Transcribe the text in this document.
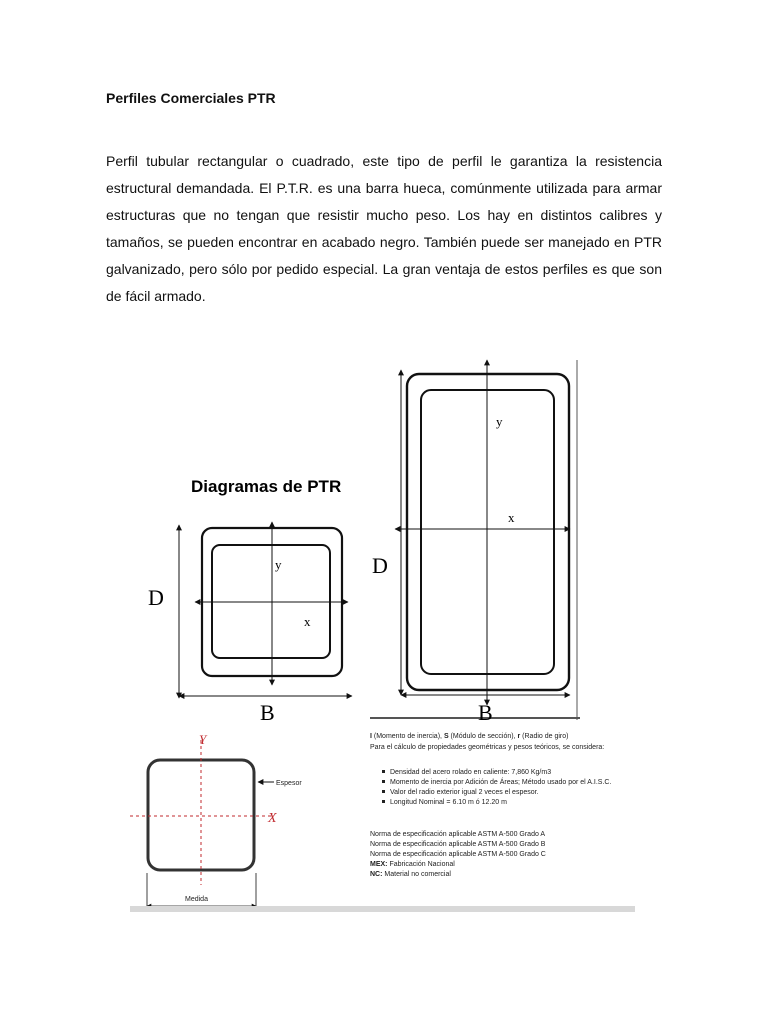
Perfiles Comerciales PTR

Perfil tubular rectangular o cuadrado, este tipo de perfil le garantiza la resistencia estructural demandada. El P.T.R. es una barra hueca, comúnmente utilizada para armar estructuras que no tengan que resistir mucho peso. Los hay en distintos calibres y tamaños, se pueden encontrar en acabado negro. También puede ser manejado en PTR galvanizado, pero sólo por pedido especial. La gran ventaja de estos perfiles es que son de fácil armado.

Diagramas de PTR
D
B
y
x
D
B
y
x
Y
X
Espesor
Medida
I (Momento de inercia), S (Módulo de sección), r (Radio de giro)
Para el cálculo de propiedades geométricas y pesos teóricos, se considera:
Densidad del acero rolado en caliente: 7,860 Kg/m3
Momento de inercia por Adición de Áreas; Método usado por el A.I.S.C.
Valor del radio exterior igual 2 veces el espesor.
Longitud Nominal = 6.10 m ó 12.20 m
Norma de especificación aplicable ASTM A-500 Grado A
Norma de especificación aplicable ASTM A-500 Grado B
Norma de especificación aplicable ASTM A-500 Grado C
MEX: Fabricación Nacional
NC: Material no comercial
